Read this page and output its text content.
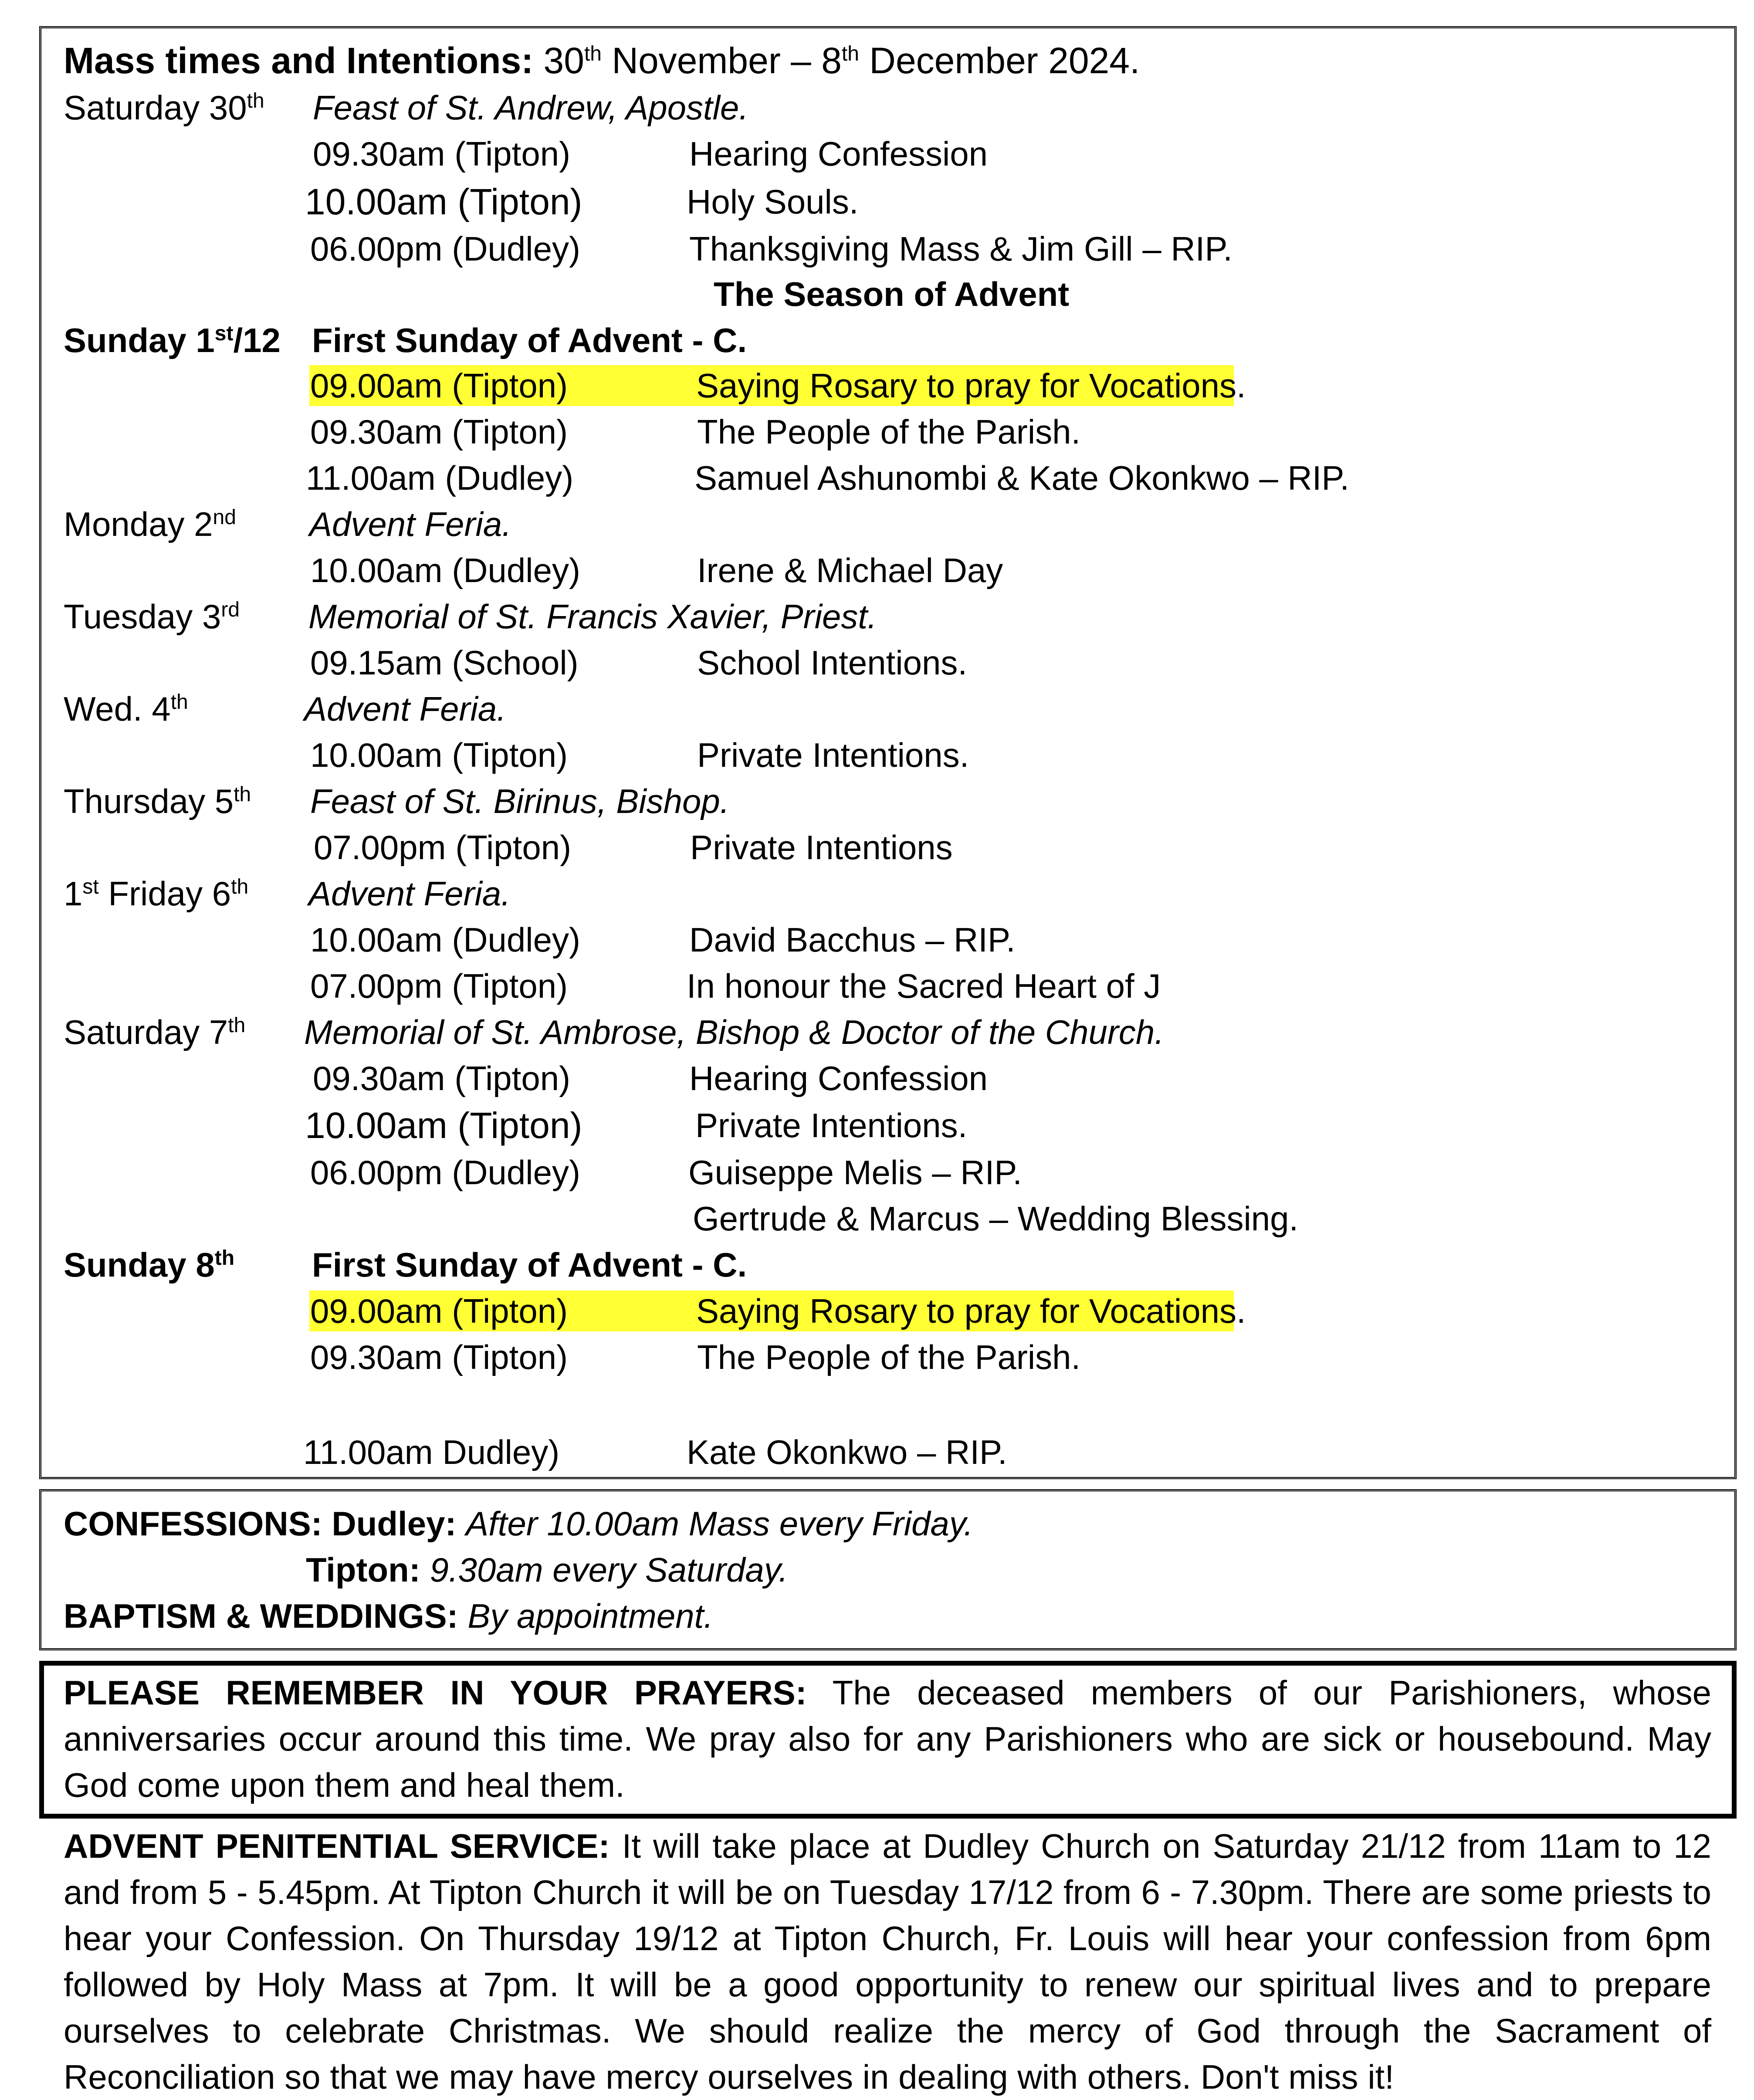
Mass times and Intentions: 30th November – 8th December 2024.
Saturday 30th Feast of St. Andrew, Apostle.
09.30am (Tipton)	Hearing Confession
10.00am (Tipton)	Holy Souls.
06.00pm (Dudley)	Thanksgiving Mass & Jim Gill – RIP.
The Season of Advent
Sunday 1st/12 First Sunday of Advent - C.
09.00am (Tipton)	Saying Rosary to pray for Vocations.
09.30am (Tipton)	The People of the Parish.
11.00am (Dudley)	Samuel Ashunombi & Kate Okonkwo – RIP.
Monday 2nd Advent Feria.
10.00am (Dudley)	Irene & Michael Day
Tuesday 3rd Memorial of St. Francis Xavier, Priest.
09.15am (School)	School Intentions.
Wed. 4th	Advent Feria.
10.00am (Tipton)	Private Intentions.
Thursday 5th Feast of St. Birinus, Bishop.
07.00pm (Tipton)	Private Intentions
1st Friday 6th Advent Feria.
10.00am (Dudley)	David Bacchus – RIP.
07.00pm (Tipton)	In honour the Sacred Heart of J
Saturday 7th Memorial of St. Ambrose, Bishop & Doctor of the Church.
09.30am (Tipton)	Hearing Confession
10.00am (Tipton)	Private Intentions.
06.00pm (Dudley)	Guiseppe Melis – RIP.
Gertrude & Marcus – Wedding Blessing.
Sunday 8th First Sunday of Advent - C.
09.00am (Tipton)	Saying Rosary to pray for Vocations.
09.30am (Tipton)	The People of the Parish.
11.00am Dudley)	Kate Okonkwo – RIP.
CONFESSIONS: Dudley: After 10.00am Mass every Friday.
Tipton: 9.30am every Saturday.
BAPTISM & WEDDINGS: By appointment.
PLEASE REMEMBER IN YOUR PRAYERS: The deceased members of our Parishioners, whose anniversaries occur around this time. We pray also for any Parishioners who are sick or housebound. May God come upon them and heal them.
ADVENT PENITENTIAL SERVICE: It will take place at Dudley Church on Saturday 21/12 from 11am to 12 and from 5 - 5.45pm. At Tipton Church it will be on Tuesday 17/12 from 6 - 7.30pm. There are some priests to hear your Confession. On Thursday 19/12 at Tipton Church, Fr. Louis will hear your confession from 6pm followed by Holy Mass at 7pm. It will be a good opportunity to renew our spiritual lives and to prepare ourselves to celebrate Christmas. We should realize the mercy of God through the Sacrament of Reconciliation so that we may have mercy ourselves in dealing with others. Don't miss it!
